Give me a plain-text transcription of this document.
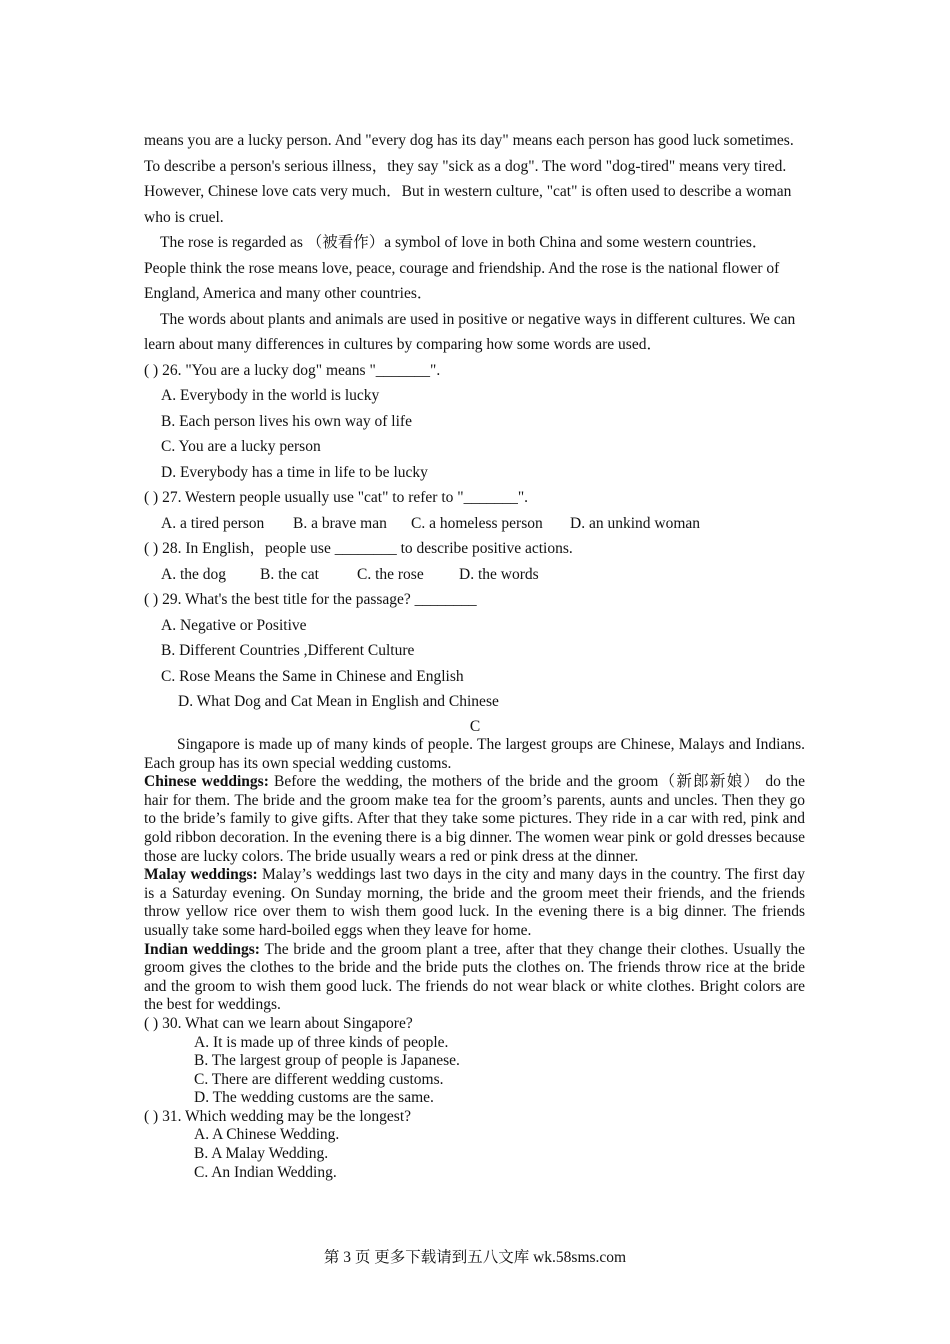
means you are a lucky person. And "every dog has its day" means each person has good luck sometimes. To describe a person's serious illness，they say "sick as a dog". The word "dog-tired" means very tired. However, Chinese love cats very much．But in western culture, "cat" is often used to describe a woman who is cruel.

The rose is regarded as （被看作）a symbol of love in both China and some western countries．People think the rose means love, peace, courage and friendship. And the rose is the national flower of England, America and many other countries．

The words about plants and animals are used in positive or negative ways in different cultures. We can learn about many differences in cultures by comparing how some words are used．

( ) 26. "You are a lucky dog" means "_______".

A. Everybody in the world is lucky

B. Each person lives his own way of life

C. You are a lucky person

D. Everybody has a time in life to be lucky

( ) 27. Western people usually use "cat" to refer to "_______".

A. a tired person	B. a brave man	C. a homeless person	D. an unkind woman

( ) 28. In English，people use ________ to describe positive actions.

A. the dog	B. the cat	C. the rose	D. the words

( ) 29. What's the best title for the passage? ________

A. Negative or Positive

B. Different Countries ,Different Culture

C. Rose Means the Same in Chinese and English

D. What Dog and Cat Mean in English and Chinese

C

Singapore is made up of many kinds of people. The largest groups are Chinese, Malays and Indians. Each group has its own special wedding customs.

Chinese weddings: Before the wedding, the mothers of the bride and the groom（新郎新娘） do the hair for them. The bride and the groom make tea for the groom’s parents, aunts and uncles. Then they go to the bride’s family to give gifts. After that they take some pictures. They ride in a car with red, pink and gold ribbon decoration. In the evening there is a big dinner. The women wear pink or gold dresses because those are lucky colors. The bride usually wears a red or pink dress at the dinner.

Malay weddings: Malay’s weddings last two days in the city and many days in the country. The first day is a Saturday evening. On Sunday morning, the bride and the groom meet their friends, and the friends throw yellow rice over them to wish them good luck. In the evening there is a big dinner. The friends usually take some hard-boiled eggs when they leave for home.

Indian weddings: The bride and the groom plant a tree, after that they change their clothes. Usually the groom gives the clothes to the bride and the bride puts the clothes on. The friends throw rice at the bride and the groom to wish them good luck. The friends do not wear black or white clothes. Bright colors are the best for weddings.

( ) 30. What can we learn about Singapore?

A. It is made up of three kinds of people.

B. The largest group of people is Japanese.

C. There are different wedding customs.

D. The wedding customs are the same.

( ) 31. Which wedding may be the longest?

A. A Chinese Wedding.

B. A Malay Wedding.

C. An Indian Wedding.

第 3 页 更多下载请到五八文库 wk.58sms.com
